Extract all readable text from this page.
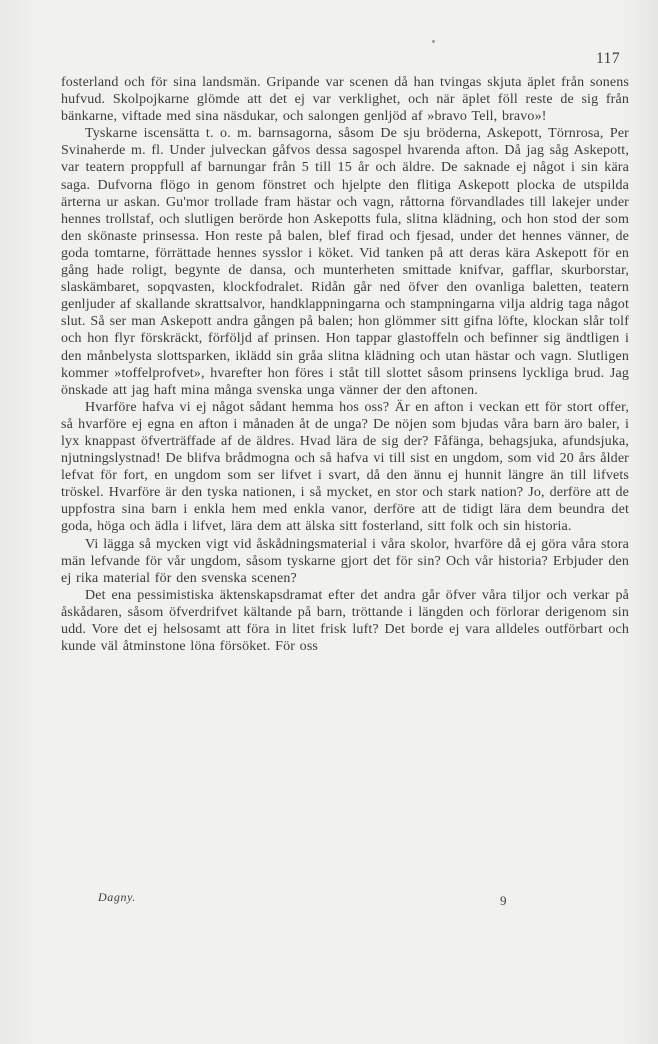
117

fosterland och för sina landsmän. Gripande var scenen då han tvingas skjuta äplet från sonens hufvud. Skolpojkarne glömde att det ej var verklighet, och när äplet föll reste de sig från bänkarne, viftade med sina näsdukar, och salongen genljöd af »bravo Tell, bravo»!

Tyskarne iscensätta t. o. m. barnsagorna, såsom De sju bröderna, Askepott, Törnrosa, Per Svinaherde m. fl. Under julveckan gåfvos dessa sagospel hvarenda afton. Då jag såg Askepott, var teatern proppfull af barnungar från 5 till 15 år och äldre. De saknade ej något i sin kära saga. Dufvorna flögo in genom fönstret och hjelpte den flitiga Askepott plocka de utspilda ärterna ur askan. Gu'mor trollade fram hästar och vagn, råttorna förvandlades till lakejer under hennes trollstaf, och slutligen berörde hon Askepotts fula, slitna klädning, och hon stod der som den skönaste prinsessa. Hon reste på balen, blef firad och fjesad, under det hennes vänner, de goda tomtarne, förrättade hennes sysslor i köket. Vid tanken på att deras kära Askepott för en gång hade roligt, begynte de dansa, och munterheten smittade knifvar, gafflar, skurborstar, slaskämbaret, sopqvasten, klockfodralet. Ridån går ned öfver den ovanliga baletten, teatern genljuder af skallande skrattsalvor, handklappningarna och stampningarna vilja aldrig taga något slut. Så ser man Askepott andra gången på balen; hon glömmer sitt gifna löfte, klockan slår tolf och hon flyr förskräckt, förföljd af prinsen. Hon tappar glastoffeln och befinner sig ändtligen i den månbelysta slottsparken, iklädd sin gråa slitna klädning och utan hästar och vagn. Slutligen kommer »toffelprofvet», hvarefter hon föres i ståt till slottet såsom prinsens lyckliga brud. Jag önskade att jag haft mina många svenska unga vänner der den aftonen.

Hvarföre hafva vi ej något sådant hemma hos oss? Är en afton i veckan ett för stort offer, så hvarföre ej egna en afton i månaden åt de unga? De nöjen som bjudas våra barn äro baler, i lyx knappast öfverträffade af de äldres. Hvad lära de sig der? Fåfänga, behagsjuka, afundsjuka, njutningslystnad! De blifva brådmogna och så hafva vi till sist en ungdom, som vid 20 års ålder lefvat för fort, en ungdom som ser lifvet i svart, då den ännu ej hunnit längre än till lifvets tröskel. Hvarföre är den tyska nationen, i så mycket, en stor och stark nation? Jo, derföre att de uppfostra sina barn i enkla hem med enkla vanor, derföre att de tidigt lära dem beundra det goda, höga och ädla i lifvet, lära dem att älska sitt fosterland, sitt folk och sin historia.

Vi lägga så mycken vigt vid åskådningsmaterial i våra skolor, hvarföre då ej göra våra stora män lefvande för vår ungdom, såsom tyskarne gjort det för sin? Och vår historia? Erbjuder den ej rika material för den svenska scenen?

Det ena pessimistiska äktenskapsdramat efter det andra går öfver våra tiljor och verkar på åskådaren, såsom öfverdrifvet kältande på barn, tröttande i längden och förlorar derigenom sin udd. Vore det ej helsosamt att föra in litet frisk luft? Det borde ej vara alldeles outförbart och kunde väl åtminstone löna försöket. För oss

Dagny.	9
